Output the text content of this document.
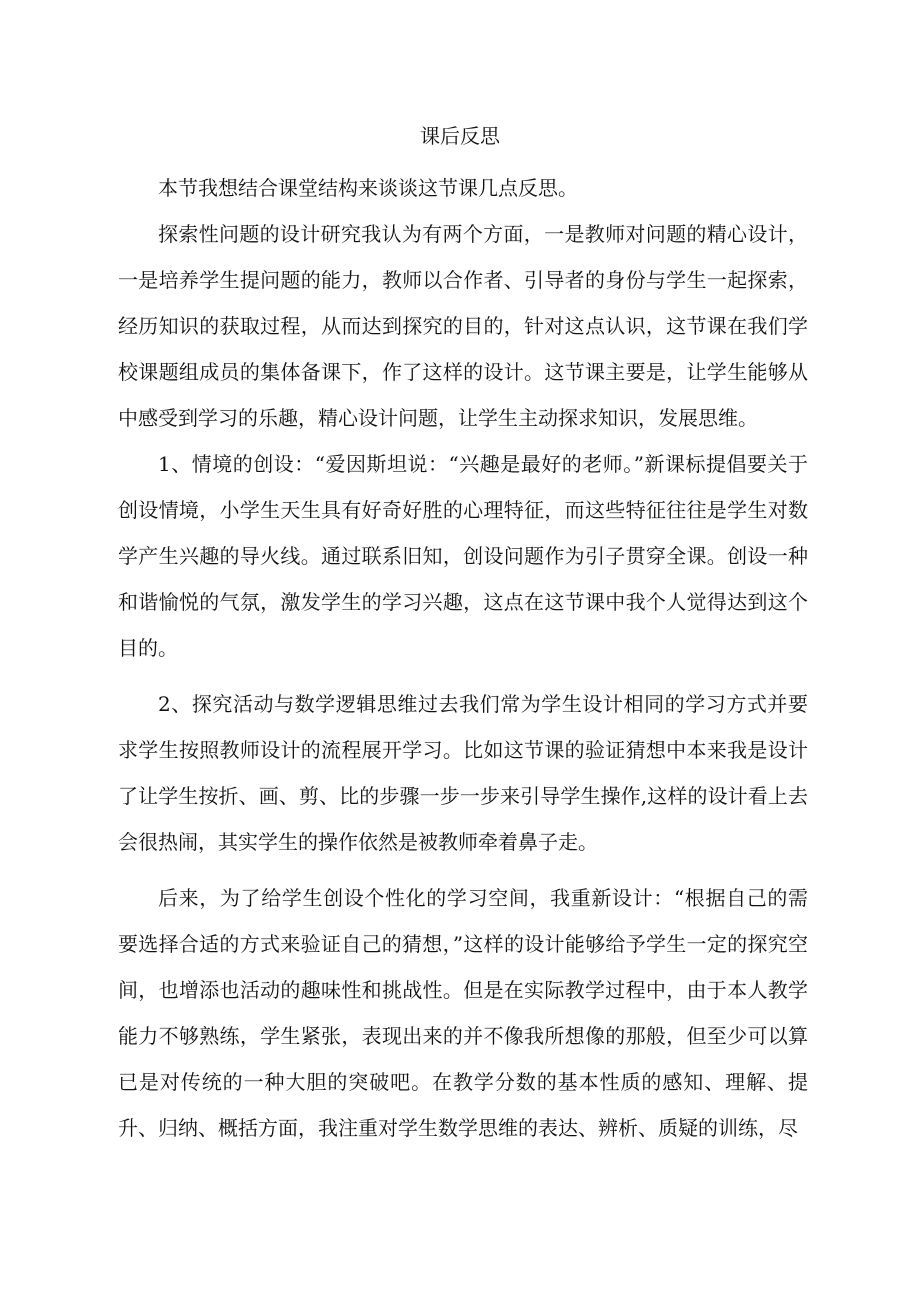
课后反思

本节我想结合课堂结构来谈谈这节课几点反思。

探索性问题的设计研究我认为有两个方面，一是教师对问题的精心设计，一是培养学生提问题的能力，教师以合作者、引导者的身份与学生一起探索，经历知识的获取过程，从而达到探究的目的，针对这点认识，这节课在我们学校课题组成员的集体备课下，作了这样的设计。这节课主要是，让学生能够从中感受到学习的乐趣，精心设计问题，让学生主动探求知识，发展思维。

1、情境的创设：“爱因斯坦说：“兴趣是最好的老师。”新课标提倡要关于创设情境，小学生天生具有好奇好胜的心理特征，而这些特征往往是学生对数学产生兴趣的导火线。通过联系旧知，创设问题作为引子贯穿全课。创设一种和谐愉悦的气氛，激发学生的学习兴趣，这点在这节课中我个人觉得达到这个目的。

2、探究活动与数学逻辑思维过去我们常为学生设计相同的学习方式并要求学生按照教师设计的流程展开学习。比如这节课的验证猜想中本来我是设计了让学生按折、画、剪、比的步骤一步一步来引导学生操作,这样的设计看上去会很热闹，其实学生的操作依然是被教师牵着鼻子走。

后来，为了给学生创设个性化的学习空间，我重新设计：“根据自己的需要选择合适的方式来验证自己的猜想，”这样的设计能够给予学生一定的探究空间，也增添也活动的趣味性和挑战性。但是在实际教学过程中，由于本人教学能力不够熟练，学生紧张，表现出来的并不像我所想像的那般，但至少可以算已是对传统的一种大胆的突破吧。在教学分数的基本性质的感知、理解、提升、归纳、概括方面，我注重对学生数学思维的表达、辨析、质疑的训练，尽
